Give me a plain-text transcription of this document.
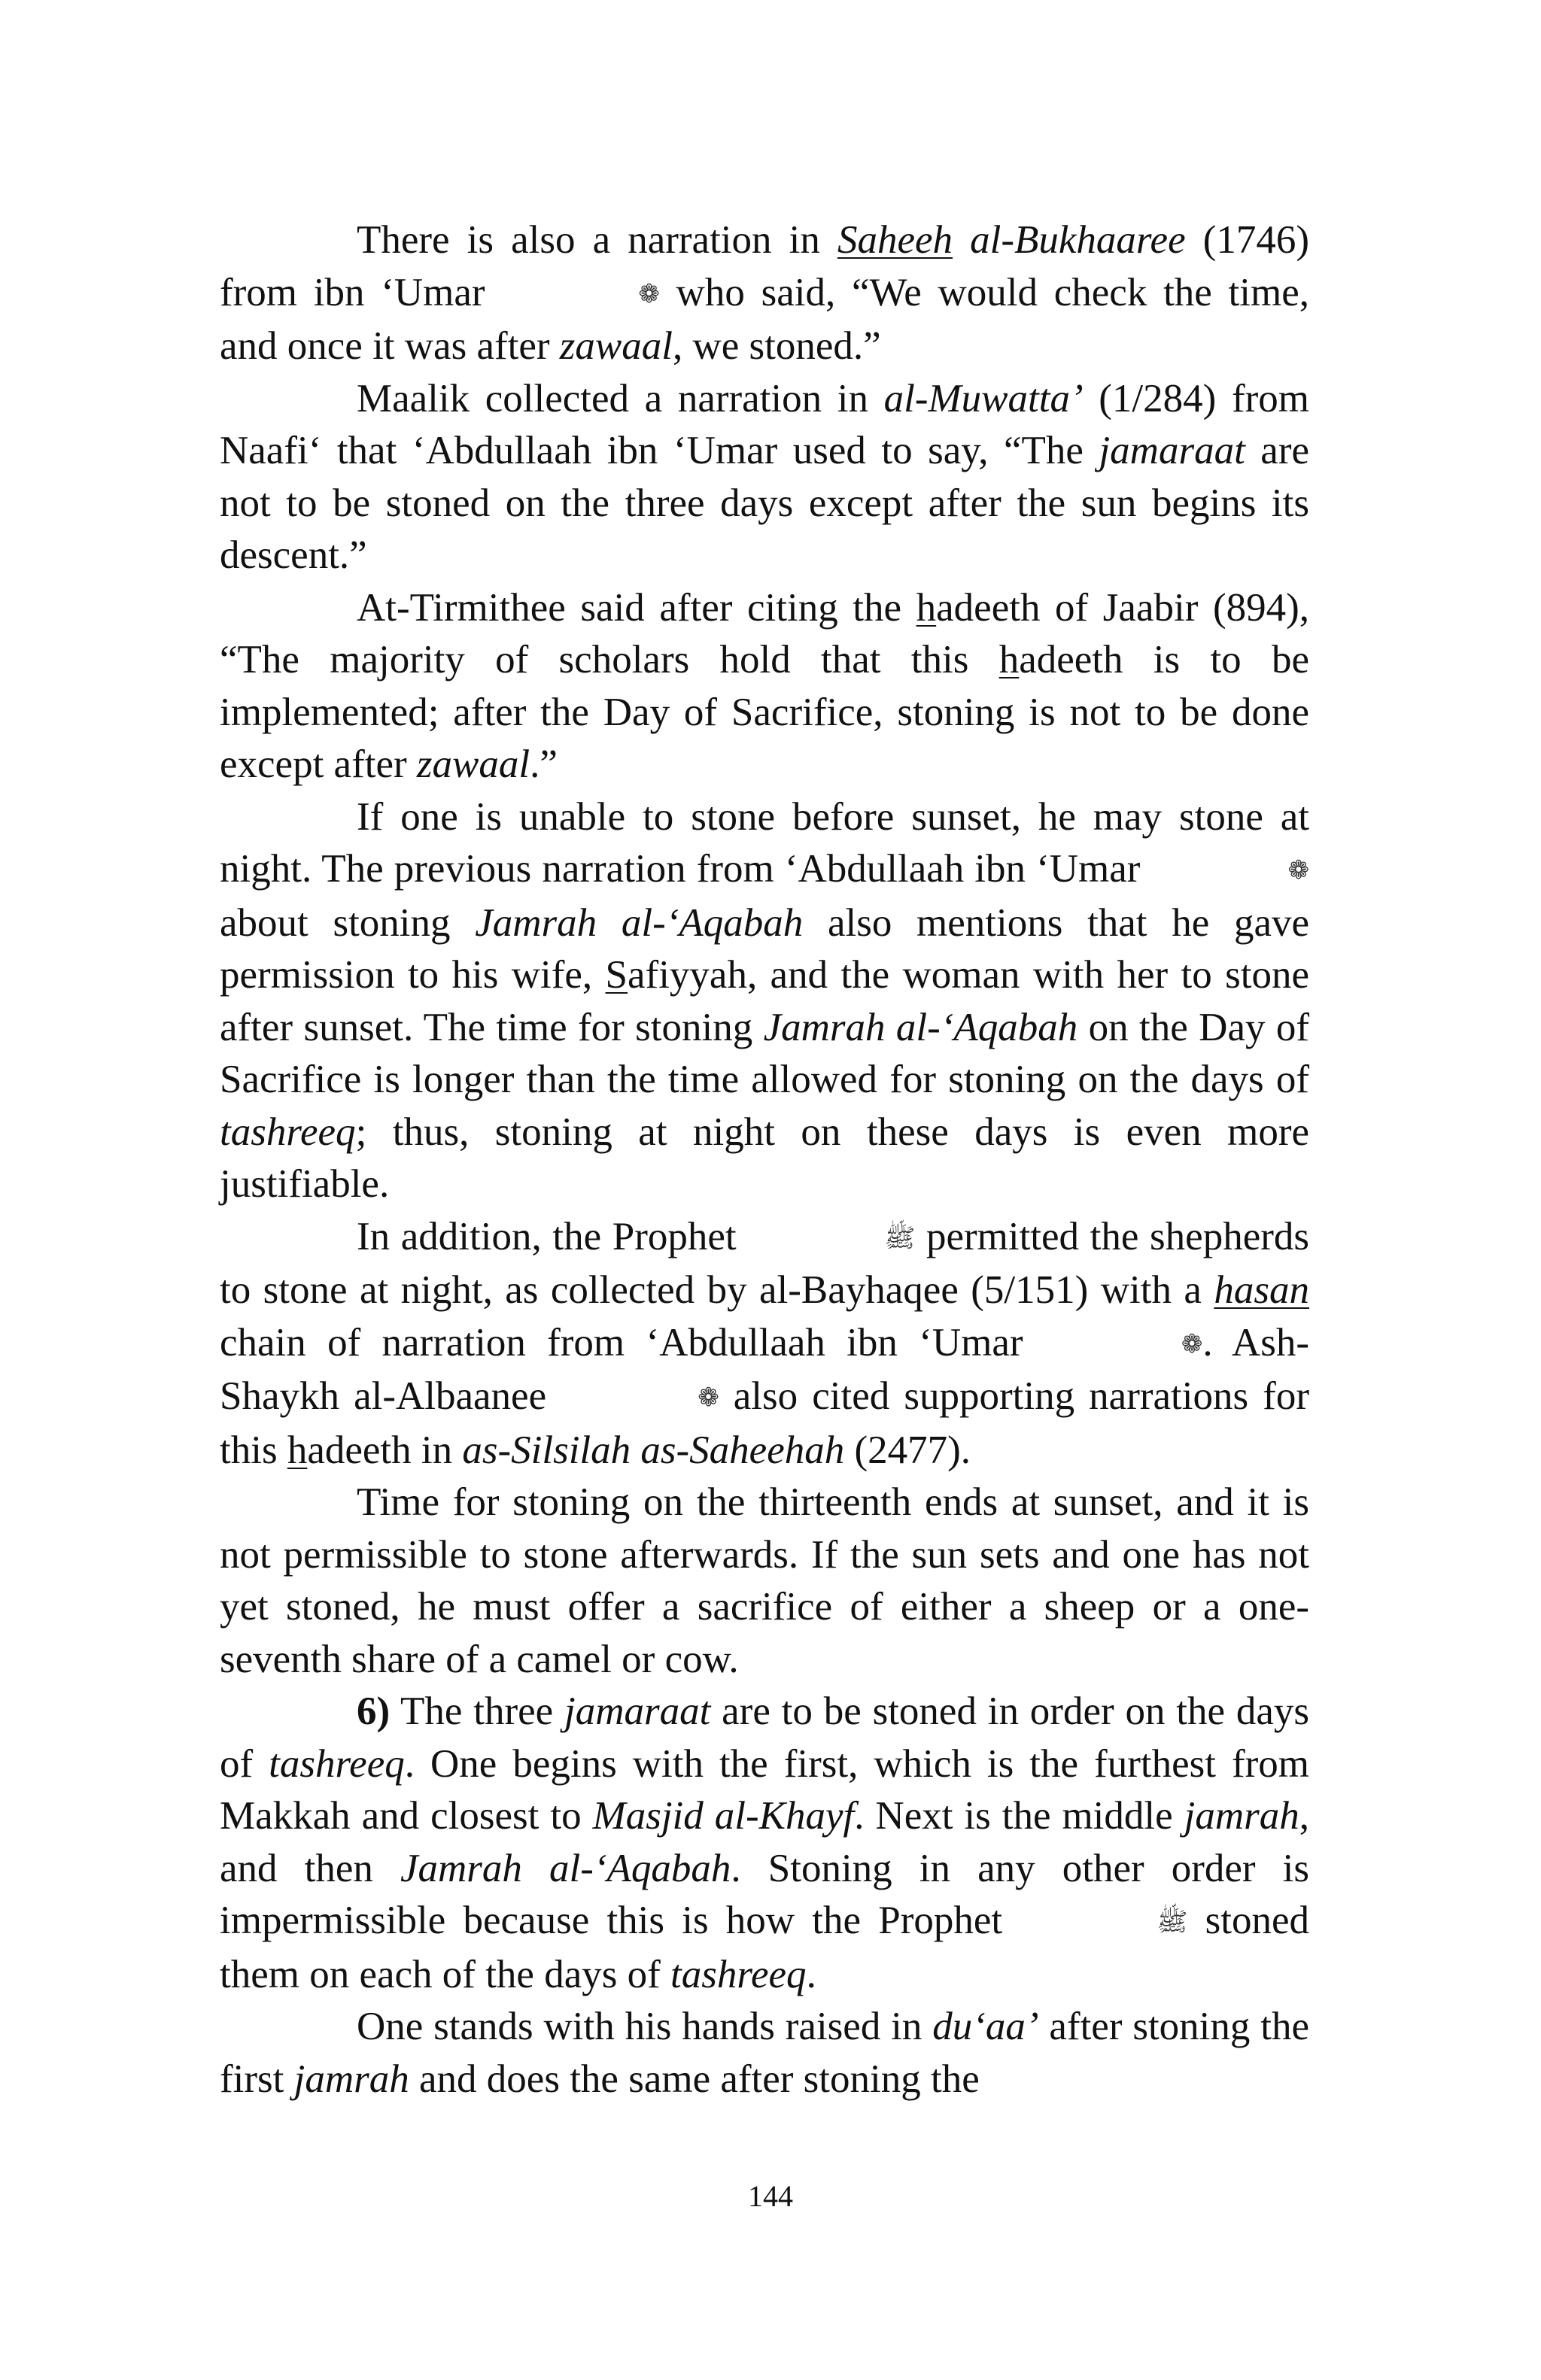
There is also a narration in Saheeh al-Bukhaaree (1746) from ibn ‘Umar	❁ who said, “We would check the time, and once it was after zawaal, we stoned.”

Maalik collected a narration in al-Muwatta’ (1/284) from Naafi‘ that ‘Abdullaah ibn ‘Umar used to say, “The jamaraat are not to be stoned on the three days except after the sun begins its descent.”

At-Tirmithee said after citing the hadeeth of Jaabir (894), “The majority of scholars hold that this hadeeth is to be implemented; after the Day of Sacrifice, stoning is not to be done except after zawaal.”

If one is unable to stone before sunset, he may stone at night. The previous narration from ‘Abdullaah ibn ‘Umar	❁ about stoning Jamrah al-‘Aqabah also mentions that he gave permission to his wife, Safiyyah, and the woman with her to stone after sunset. The time for stoning Jamrah al-‘Aqabah on the Day of Sacrifice is longer than the time allowed for stoning on the days of tashreeq; thus, stoning at night on these days is even more justifiable.

In addition, the Prophet	ﷺ permitted the shepherds to stone at night, as collected by al-Bayhaqee (5/151) with a hasan chain of narration from ‘Abdullaah ibn ‘Umar	❁. Ash-Shaykh al-Albaanee	❁ also cited supporting narrations for this hadeeth in as-Silsilah as-Saheehah (2477).

Time for stoning on the thirteenth ends at sunset, and it is not permissible to stone afterwards. If the sun sets and one has not yet stoned, he must offer a sacrifice of either a sheep or a one-seventh share of a camel or cow.

6) The three jamaraat are to be stoned in order on the days of tashreeq. One begins with the first, which is the furthest from Makkah and closest to Masjid al-Khayf. Next is the middle jamrah, and then Jamrah al-‘Aqabah. Stoning in any other order is impermissible because this is how the Prophet	ﷺ stoned them on each of the days of tashreeq.

One stands with his hands raised in du‘aa’ after stoning the first jamrah and does the same after stoning the

144
